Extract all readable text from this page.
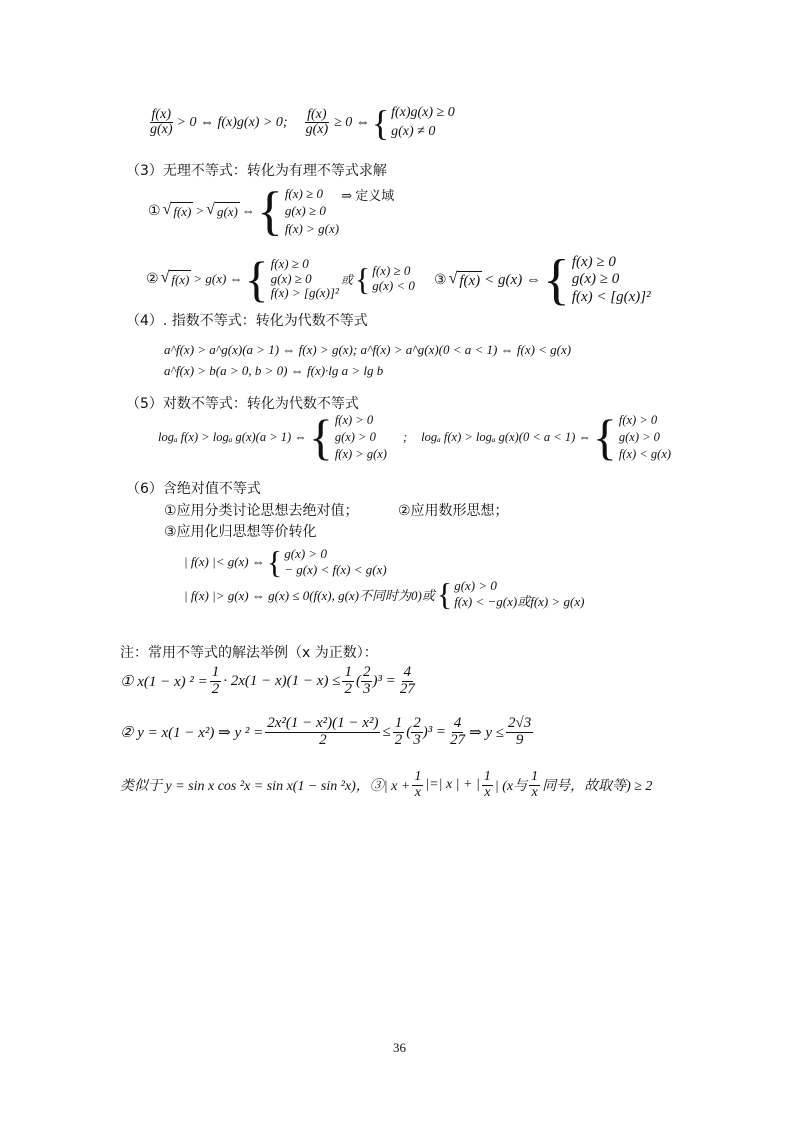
$\frac{f(x)}{g(x)} > 0$ ⇔ f(x)g(x) > 0; $\frac{f(x)}{g(x)} \ge 0$ ⇔ { f(x)g(x) ≥ 0
g(x) ≠ 0
（3）无理不等式：转化为有理不等式求解
① √ f(x) > √ g(x) ⇔ { f(x) ≥ 0
g(x) ≥ 0
f(x) > g(x)
⇒ 定义域
② √ f(x) > g(x) ⇔ { f(x) ≥ 0
g(x) ≥ 0
f(x) > [g(x)]²
或 { f(x) ≥ 0
g(x) < 0 ③ √ f(x) < g(x) ⇔ { f(x) ≥ 0
g(x) ≥ 0
f(x) < [g(x)]²
（4）. 指数不等式：转化为代数不等式
a^f(x) > a^g(x)(a > 1) ⇔ f(x) > g(x); a^f(x) > a^g(x)(0 < a < 1) ⇔ f(x) < g(x)
a^f(x) > b(a > 0, b > 0) ⇔ f(x)·lg a > lg b
（5）对数不等式：转化为代数不等式
logₐ f(x) > logₐ g(x)(a > 1) ⇔ { f(x) > 0
g(x) > 0
f(x) > g(x)
; logₐ f(x) > logₐ g(x)(0 < a < 1) ⇔ { f(x) > 0
g(x) > 0
f(x) < g(x)
（6）含绝对值不等式
①应用分类讨论思想去绝对值；	②应用数形思想；
③应用化归思想等价转化
| f(x) |< g(x) ⇔ { g(x) > 0
− g(x) < f(x) < g(x)
| f(x) |> g(x) ⇔ g(x) ≤ 0(f(x), g(x)不同时为0)或 { g(x) > 0
f(x) < −g(x)或f(x) > g(x)
注：常用不等式的解法举例（x 为正数）：
① x(1 − x) $^2 = \frac{1}{2} \cdot 2x(1 - x)(1 - x) \le \frac{1}{2}$ ( $\frac{2}{3}$ ) $^3 = \frac{4}{27}$
② y = x(1 − x²) ⇒ y $^2 = \frac{\text{2x²(1 − x²)(1 − x²)}}{2} \le \frac{1}{2}$ ( $\frac{2}{3}$ ) $^3 = \frac{4}{27}$ ⇒ $y \le \frac{2√3}{9}$
类似于 y = sin x cos ²x = sin x(1 − sin ²x)，③| $x + \frac{1}{x}$ |=| x | + | $\frac{1}{x}$ | (x与 $\frac{1}{x}$ 同号，故取等) ≥ 2
36
